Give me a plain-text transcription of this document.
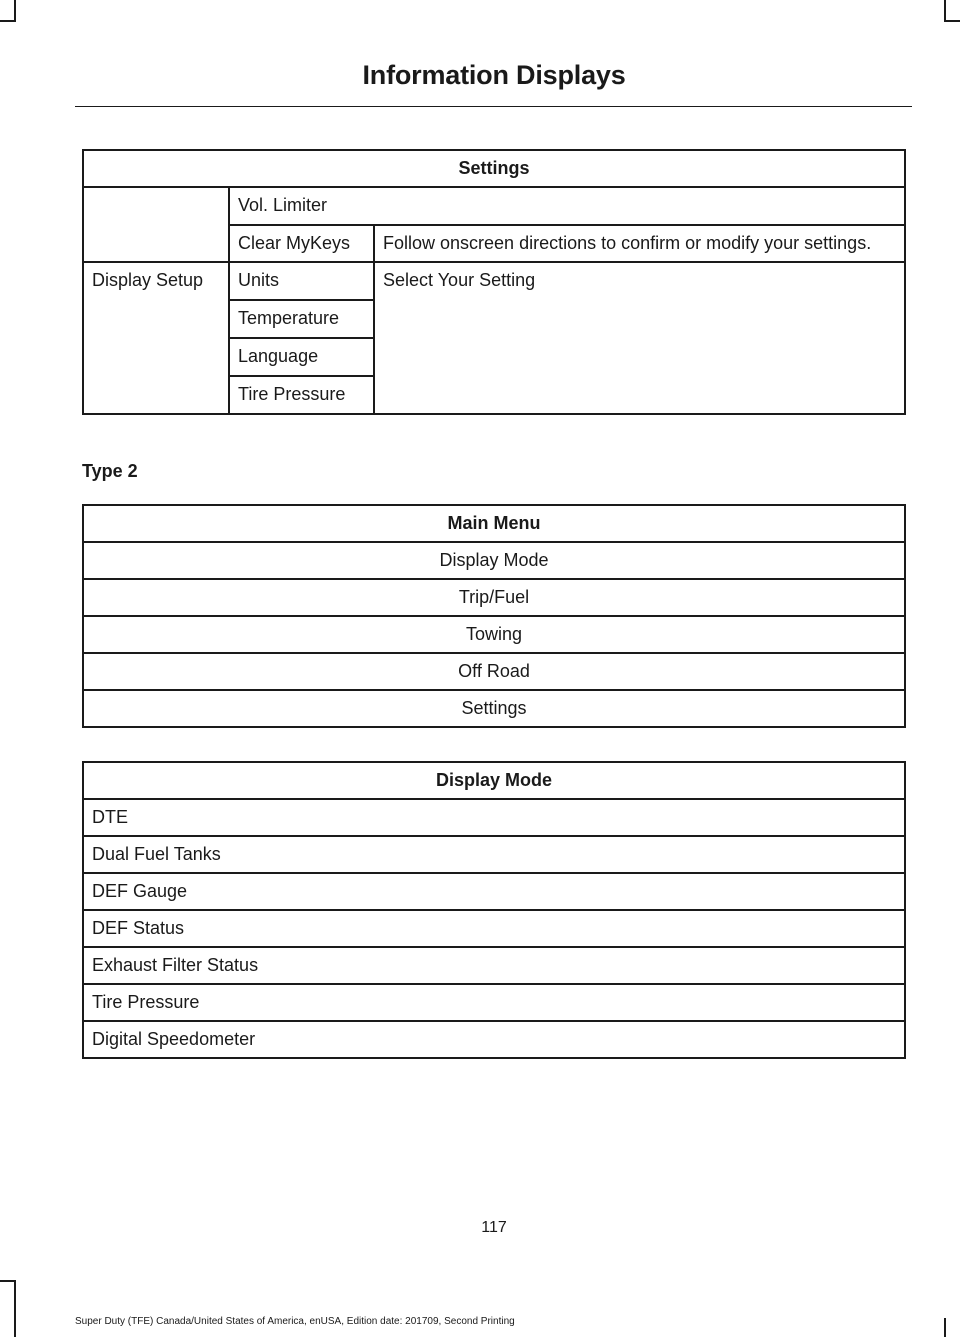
Information Displays
Settings		
	Vol. Limiter	
	Clear MyKeys	Follow onscreen directions to confirm or modify your settings.
Display Setup	Units	Select Your Setting
	Temperature	
	Language	
	Tire Pressure	
Type 2
Main Menu
Display Mode
Trip/Fuel
Towing
Off Road
Settings
Display Mode
DTE
Dual Fuel Tanks
DEF Gauge
DEF Status
Exhaust Filter Status
Tire Pressure
Digital Speedometer
117
Super Duty (TFE) Canada/United States of America, enUSA, Edition date: 201709, Second Printing
